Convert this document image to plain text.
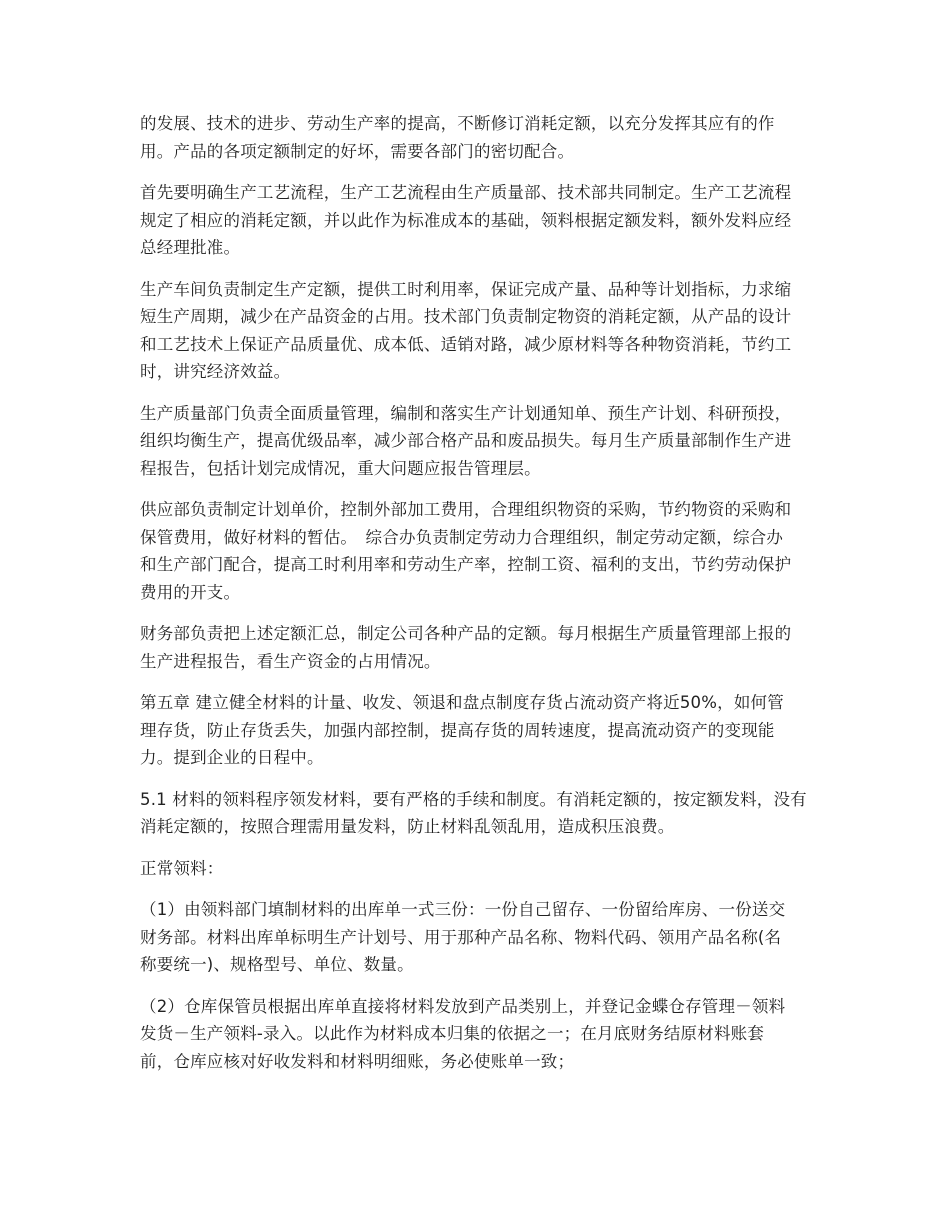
的发展、技术的进步、劳动生产率的提高，不断修订消耗定额，以充分发挥其应有的作
用。产品的各项定额制定的好坏，需要各部门的密切配合。

首先要明确生产工艺流程，生产工艺流程由生产质量部、技术部共同制定。生产工艺流程
规定了相应的消耗定额，并以此作为标准成本的基础，领料根据定额发料，额外发料应经
总经理批准。

生产车间负责制定生产定额，提供工时利用率，保证完成产量、品种等计划指标，力求缩
短生产周期，减少在产品资金的占用。技术部门负责制定物资的消耗定额，从产品的设计
和工艺技术上保证产品质量优、成本低、适销对路，减少原材料等各种物资消耗，节约工
时，讲究经济效益。

生产质量部门负责全面质量管理，编制和落实生产计划通知单、预生产计划、科研预投，
组织均衡生产，提高优级品率，减少部合格产品和废品损失。每月生产质量部制作生产进
程报告，包括计划完成情况，重大问题应报告管理层。

供应部负责制定计划单价，控制外部加工费用，合理组织物资的采购，节约物资的采购和
保管费用，做好材料的暂估。　综合办负责制定劳动力合理组织，制定劳动定额，综合办
和生产部门配合，提高工时利用率和劳动生产率，控制工资、福利的支出，节约劳动保护
费用的开支。

财务部负责把上述定额汇总，制定公司各种产品的定额。每月根据生产质量管理部上报的
生产进程报告，看生产资金的占用情况。

第五章 建立健全材料的计量、收发、领退和盘点制度存货占流动资产将近50%，如何管
理存货，防止存货丢失，加强内部控制，提高存货的周转速度，提高流动资产的变现能
力。提到企业的日程中。

5.1 材料的领料程序领发材料，要有严格的手续和制度。有消耗定额的，按定额发料，没有
消耗定额的，按照合理需用量发料，防止材料乱领乱用，造成积压浪费。

正常领料：

（1）由领料部门填制材料的出库单一式三份：一份自己留存、一份留给库房、一份送交
财务部。材料出库单标明生产计划号、用于那种产品名称、物料代码、领用产品名称(名
称要统一)、规格型号、单位、数量。

（2）仓库保管员根据出库单直接将材料发放到产品类别上，并登记金蝶仓存管理－领料
发货－生产领料-录入。以此作为材料成本归集的依据之一；在月底财务结原材料账套
前，仓库应核对好收发料和材料明细账，务必使账单一致；
